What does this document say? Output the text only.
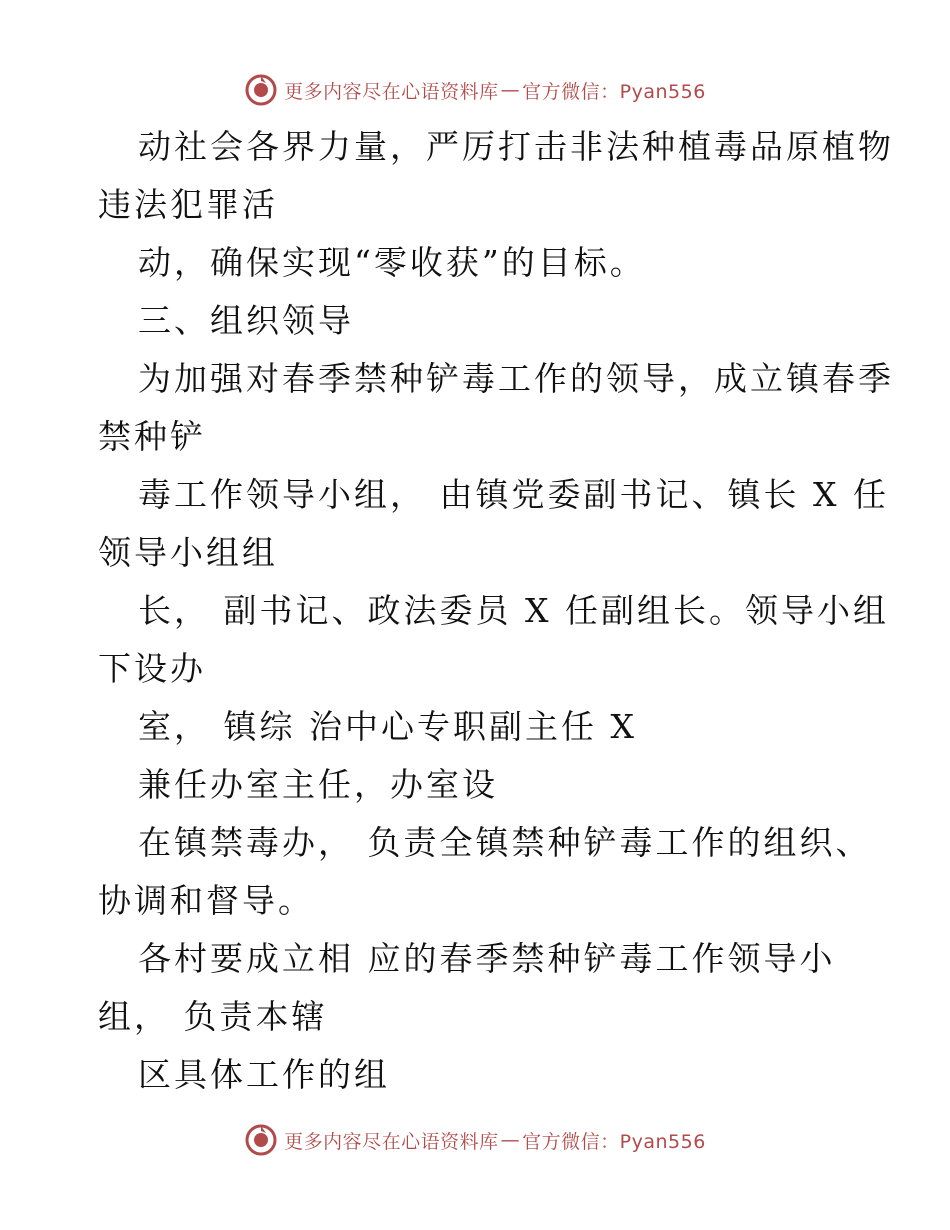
更多内容尽在心语资料库 — 官方微信：Pyan556
动社会各界力量，严厉打击非法种植毒品原植物
违法犯罪活
动，确保实现“零收获”的目标。
三、组织领导
为加强对春季禁种铲毒工作的领导，成立镇春季
禁种铲
毒工作领导小组， 由镇党委副书记、镇长 X 任
领导小组组
长， 副书记、政法委员 X 任副组长。领导小组
下设办
室， 镇综 治中心专职副主任 X
兼任办室主任，办室设
在镇禁毒办， 负责全镇禁种铲毒工作的组织、
协调和督导。
各村要成立相 应的春季禁种铲毒工作领导小
组， 负责本辖
区具体工作的组
更多内容尽在心语资料库 — 官方微信：Pyan556
